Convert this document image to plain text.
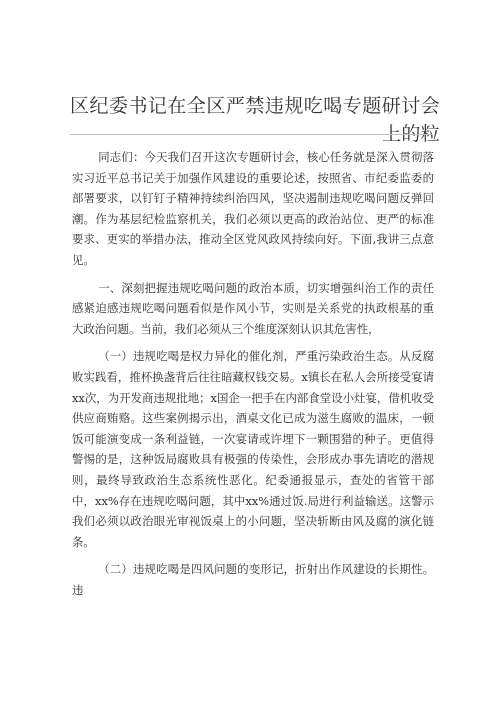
区纪委书记在全区严禁违规吃喝专题研讨会上的粒

同志们：今天我们召开这次专题研讨会，核心任务就是深入贯彻落实习近平总书记关于加强作风建设的重要论述，按照省、市纪委监委的部署要求，以钉钉子精神持续纠治四风，坚决遏制违规吃喝问题反弹回潮。作为基层纪检监察机关，我们必须以更高的政治站位、更严的标准要求、更实的举措办法，推动全区党风政风持续向好。下面,我讲三点意见。

一、深刻把握违规吃喝问题的政治本质，切实增强纠治工作的责任感紧迫感违规吃喝问题看似是作风小节，实则是关系党的执政根基的重大政治问题。当前，我们必须从三个维度深刻认识其危害性，

（一）违规吃喝是权力异化的催化剂，严重污染政治生态。从反腐败实践看，推杯换盏背后往往暗藏权钱交易。x镇长在私人会所接受宴请xx次，为开发商违规批地；x国企一把手在内部食堂设小灶宴，借机收受供应商贿赂。这些案例揭示出，酒桌文化已成为滋生腐败的温床，一顿饭可能演变成一条利益链，一次宴请或许埋下一颗围猎的种子。更值得警惕的是，这种饭局腐败具有极强的传染性，会形成办事先请吃的潜规则，最终导致政治生态系统性恶化。纪委通报显示，查处的省管干部中，xx%存在违规吃喝问题，其中xx%通过饭.局进行利益输送。这警示我们必须以政治眼光审视饭桌上的小问题，坚决斩断由风及腐的演化链条。

（二）违规吃喝是四风问题的变形记，折射出作风建设的长期性。违
